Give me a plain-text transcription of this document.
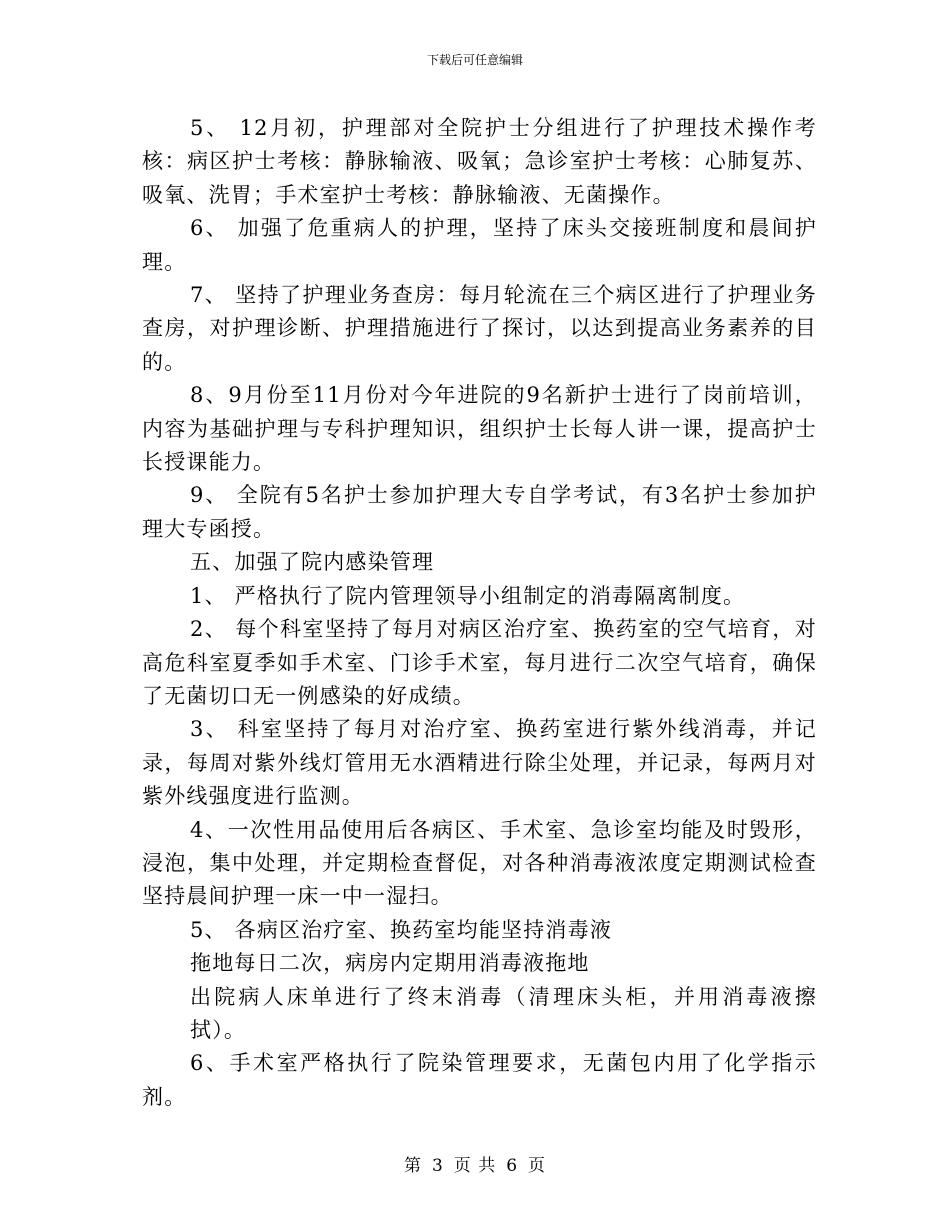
下载后可任意编辑

5、 12月初，护理部对全院护士分组进行了护理技术操作考核：病区护士考核：静脉输液、吸氧；急诊室护士考核：心肺复苏、吸氧、洗胃；手术室护士考核：静脉输液、无菌操作。

6、 加强了危重病人的护理，坚持了床头交接班制度和晨间护理。

7、 坚持了护理业务查房：每月轮流在三个病区进行了护理业务查房，对护理诊断、护理措施进行了探讨，以达到提高业务素养的目的。

8、9月份至11月份对今年进院的9名新护士进行了岗前培训，内容为基础护理与专科护理知识，组织护士长每人讲一课，提高护士长授课能力。

9、 全院有5名护士参加护理大专自学考试，有3名护士参加护理大专函授。

五、加强了院内感染管理

1、 严格执行了院内管理领导小组制定的消毒隔离制度。

2、 每个科室坚持了每月对病区治疗室、换药室的空气培育，对高危科室夏季如手术室、门诊手术室，每月进行二次空气培育，确保了无菌切口无一例感染的好成绩。

3、 科室坚持了每月对治疗室、换药室进行紫外线消毒，并记录，每周对紫外线灯管用无水酒精进行除尘处理，并记录，每两月对紫外线强度进行监测。

4、一次性用品使用后各病区、手术室、急诊室均能及时毁形，浸泡，集中处理，并定期检查督促，对各种消毒液浓度定期测试检查坚持晨间护理一床一中一湿扫。

5、 各病区治疗室、换药室均能坚持消毒液

拖地每日二次，病房内定期用消毒液拖地

出院病人床单进行了终末消毒（清理床头柜，并用消毒液擦拭）。

6、手术室严格执行了院染管理要求，无菌包内用了化学指示剂。

第 3 页 共 6 页
